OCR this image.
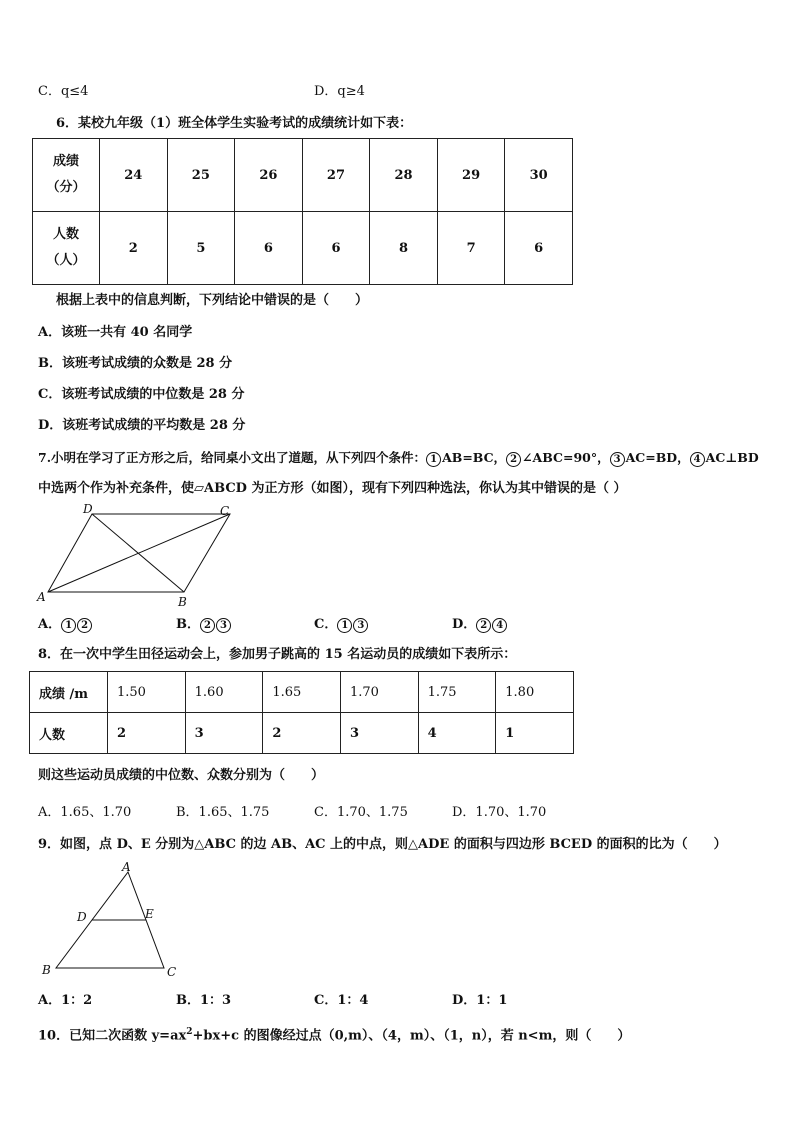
C．q≤4	D．q≥4
6．某校九年级（1）班全体学生实验考试的成绩统计如下表：
成绩
（分）	24	25	26	27	28	29	30
人数
（人）	2	5	6	6	8	7	6
根据上表中的信息判断，下列结论中错误的是（　　）
A．该班一共有 40 名同学
B．该班考试成绩的众数是 28 分
C．该班考试成绩的中位数是 28 分
D．该班考试成绩的平均数是 28 分
7.小明在学习了正方形之后，给同桌小文出了道题，从下列四个条件： 1 AB=BC， 2 ∠ABC=90°， 3 AC=BD， 4 AC⊥BD
中选两个作为补充条件，使▱ABCD 为正方形（如图），现有下列四种选法，你认为其中错误的是（ ）
D	C
A	B
A． 1 2	B． 2 3	C． 1 3	D． 2 4
8．在一次中学生田径运动会上，参加男子跳高的 15 名运动员的成绩如下表所示：
成绩 /m	1.50	1.60	1.65	1.70	1.75	1.80
人数	2	3	2	3	4	1
则这些运动员成绩的中位数、众数分别为（　　）
A．1.65、1.70	B．1.65、1.75	C．1.70、1.75	D．1.70、1.70
9．如图，点 D、E 分别为△ABC 的边 AB、AC 上的中点，则△ADE 的面积与四边形 BCED 的面积的比为（　　）
A
D	E
B	C
A．1：2	B．1：3	C．1：4	D．1：1
10．已知二次函数 $y=ax^2+bx+c$ 的图像经过点（0,m）、（4，m）、（1，n），若 n<m，则（　　）
